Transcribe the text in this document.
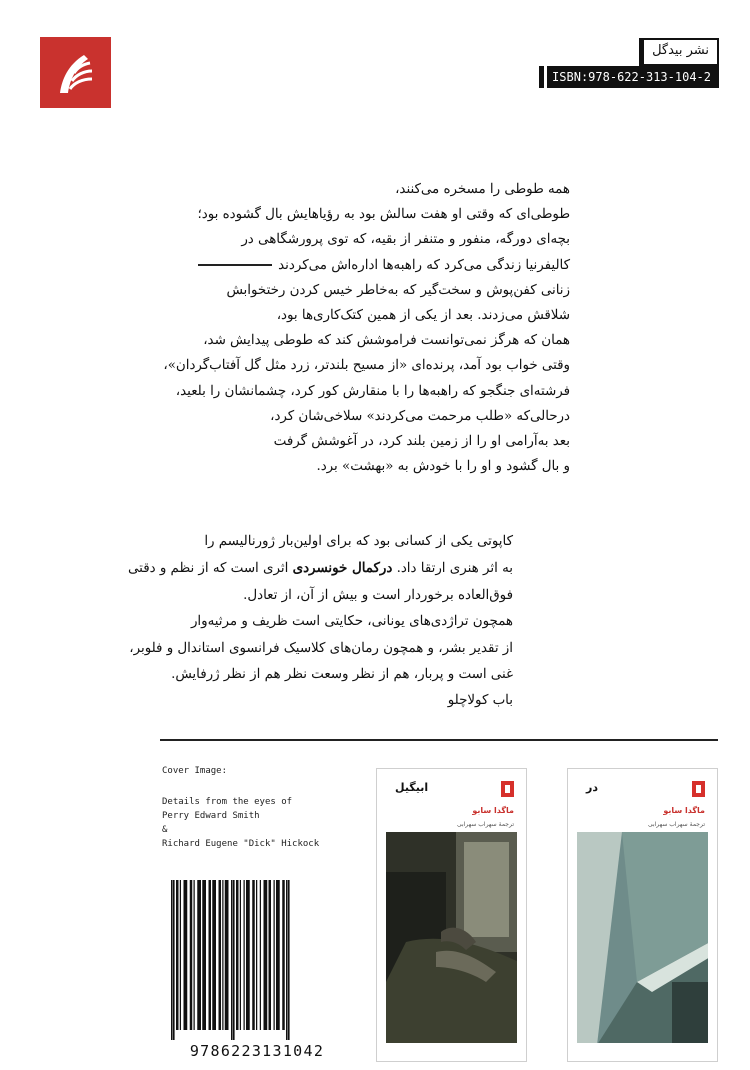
نشر بیدگل
ISBN:978-622-313-104-2
همه طوطی را مسخره می‌کنند،
طوطی‌ای که وقتی او هفت سالش بود به رؤیاهایش بال گشوده بود؛
بچه‌ای دورگه، منفور و متنفر از بقیه، که توی پرورشگاهی در
کالیفرنیا زندگی می‌کرد که راهبه‌ها اداره‌اش می‌کردند
زنانی کفن‌پوش و سخت‌گیر که به‌خاطر خیس کردن رختخوابش
شلاقش می‌زدند. بعد از یکی از همین کتک‌کاری‌ها بود،
همان که هرگز نمی‌توانست فراموشش کند که طوطی پیدایش شد،
وقتی خواب بود آمد، پرنده‌ای «از مسیح بلندتر، زرد مثل گل آفتاب‌گردان»،
فرشته‌ای جنگجو که راهبه‌ها را با منقارش کور کرد، چشمانشان را بلعید،
درحالی‌که «طلب مرحمت می‌کردند» سلاخی‌شان کرد،
بعد به‌آرامی او را از زمین بلند کرد، در آغوشش گرفت
و بال گشود و او را با خودش به «بهشت» برد.
کاپوتی یکی از کسانی بود که برای اولین‌بار ژورنالیسم را
به اثر هنری ارتقا داد. درکمال خونسردی اثری است که از نظم و دقتی
فوق‌العاده برخوردار است و بیش از آن، از تعادل.
همچون تراژدی‌های یونانی، حکایتی است ظریف و مرثیه‌وار
از تقدیر بشر، و همچون رمان‌های کلاسیک فرانسوی استاندال و فلوبر،
غنی است و پربار، هم از نظر وسعت نظر هم از نظر ژرفایش.
باب کولاچلو
Cover Image:
Details from the eyes of
Perry Edward Smith
&
Richard Eugene "Dick" Hickock
9786223131042
ابیگیل
ماگدا سابو
ترجمهٔ سهراب سهرابی
در
ماگدا سابو
ترجمهٔ سهراب سهرابی
